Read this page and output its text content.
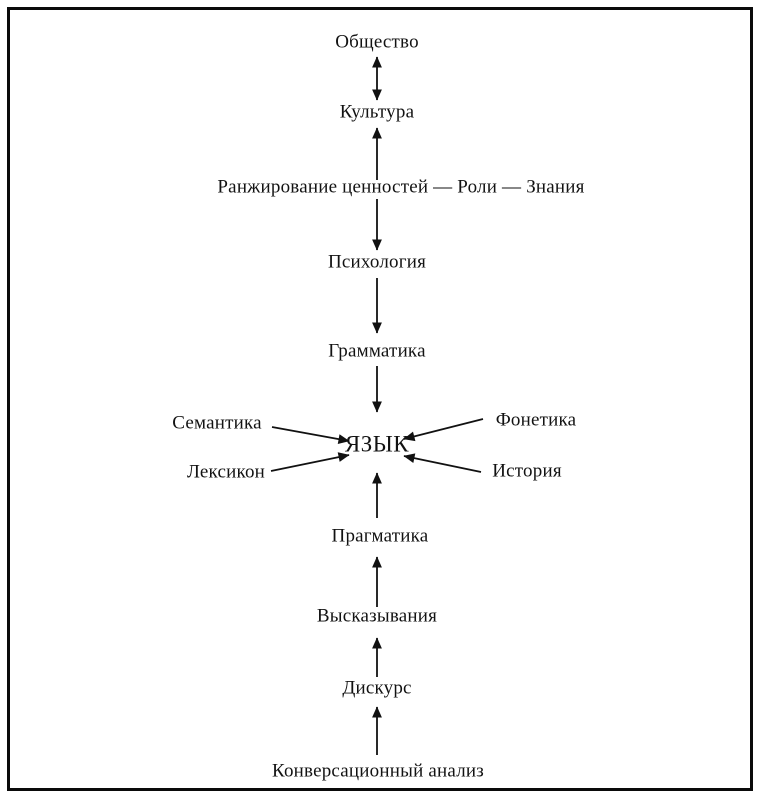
Общество
Культура
Ранжирование ценностей — Роли — Знания
Психология
Грамматика
ЯЗЫК
Семантика
Лексикон
Фонетика
История
Прагматика
Высказывания
Дискурс
Конверсационный анализ
